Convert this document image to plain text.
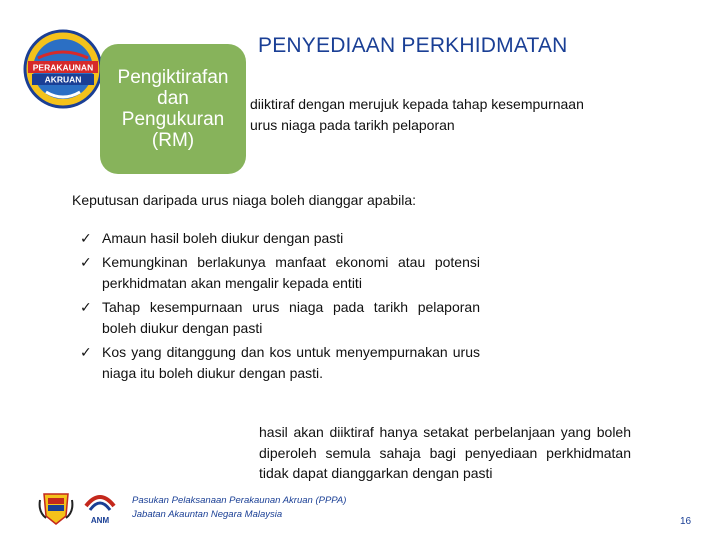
PERAKAUNAN
AKRUAN
PENYEDIAAN PERKHIDMATAN
Pengiktirafan
dan
Pengukuran
(RM)
diiktiraf dengan merujuk kepada tahap kesempurnaan
urus niaga pada tarikh pelaporan
Keputusan daripada urus niaga boleh dianggar apabila:
✓ Amaun hasil boleh diukur dengan pasti
✓ Kemungkinan berlakunya manfaat ekonomi atau potensi perkhidmatan akan mengalir kepada entiti
✓ Tahap kesempurnaan urus niaga pada tarikh pelaporan boleh diukur dengan pasti
✓ Kos yang ditanggung dan kos untuk menyempurnakan urus niaga itu boleh diukur dengan pasti.
hasil akan diiktiraf hanya setakat perbelanjaan yang boleh diperoleh semula sahaja bagi penyediaan perkhidmatan tidak dapat dianggarkan dengan pasti
ANM
Pasukan Pelaksanaan Perakaunan Akruan (PPPA)
Jabatan Akauntan Negara Malaysia
16
